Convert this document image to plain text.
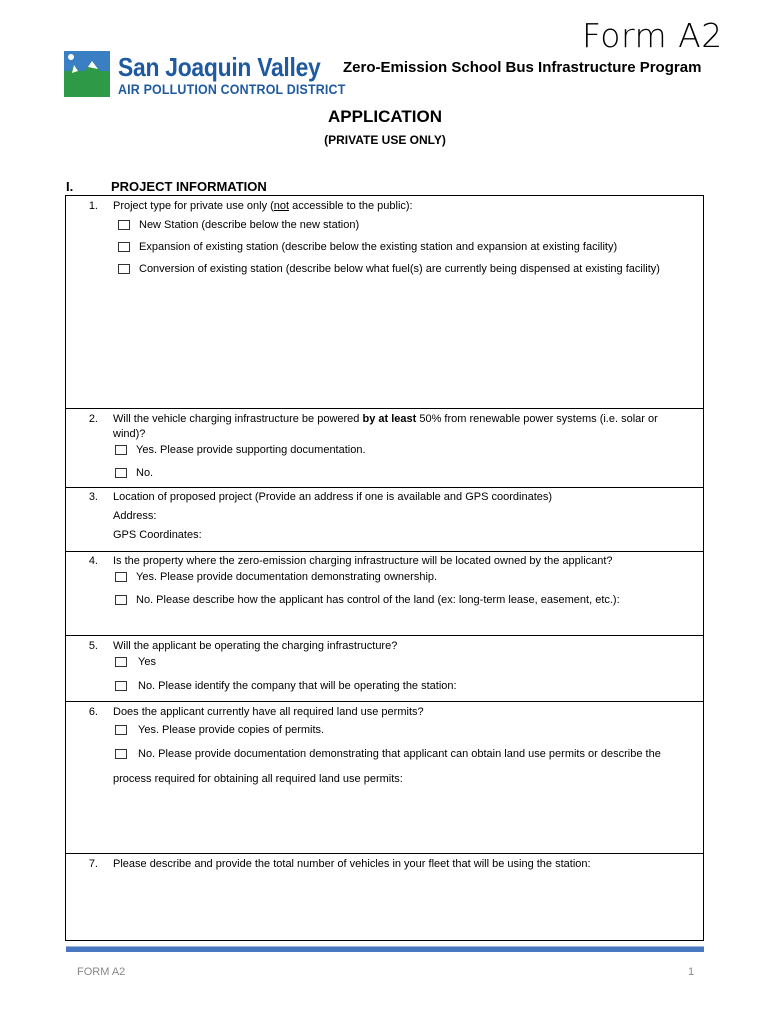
Form A2
San Joaquin Valley
AIR POLLUTION CONTROL DISTRICT
Zero-Emission School Bus Infrastructure Program
APPLICATION
(PRIVATE USE ONLY)
I.	PROJECT INFORMATION
1. Project type for private use only (not accessible to the public):
New Station (describe below the new station)
Expansion of existing station (describe below the existing station and expansion at existing facility)
Conversion of existing station (describe below what fuel(s) are currently being dispensed at existing facility)
2. Will the vehicle charging infrastructure be powered by at least 50% from renewable power systems (i.e. solar or
wind)?
Yes. Please provide supporting documentation.
No.
3. Location of proposed project (Provide an address if one is available and GPS coordinates)
Address:
GPS Coordinates:
4. Is the property where the zero-emission charging infrastructure will be located owned by the applicant?
Yes. Please provide documentation demonstrating ownership.
No. Please describe how the applicant has control of the land (ex: long-term lease, easement, etc.):
5. Will the applicant be operating the charging infrastructure?
Yes
No. Please identify the company that will be operating the station:
6. Does the applicant currently have all required land use permits?
Yes. Please provide copies of permits.
No. Please provide documentation demonstrating that applicant can obtain land use permits or describe the
process required for obtaining all required land use permits:
7. Please describe and provide the total number of vehicles in your fleet that will be using the station:
FORM A2	1
